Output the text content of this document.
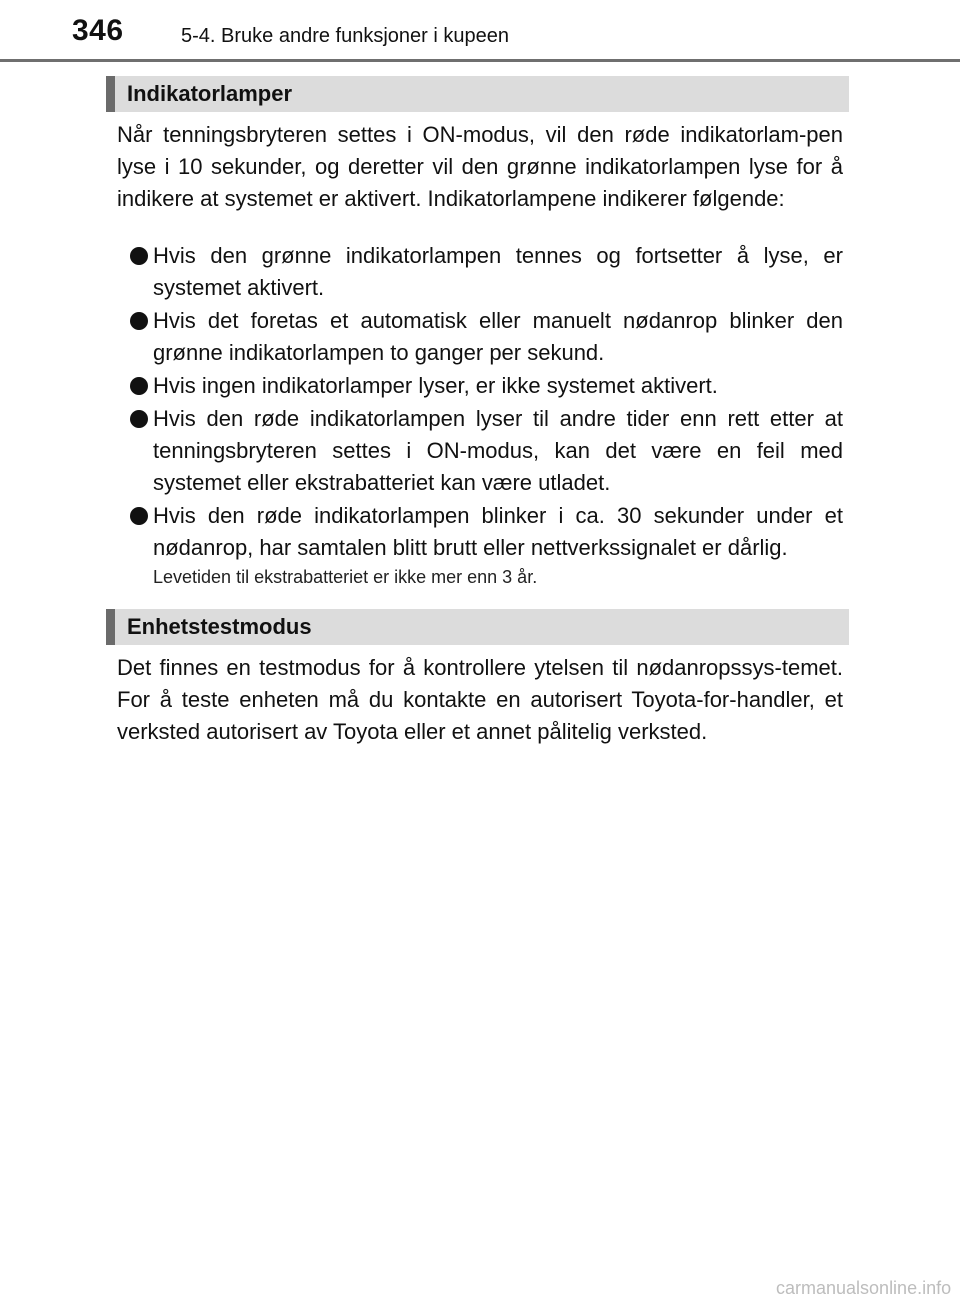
346	5-4. Bruke andre funksjoner i kupeen
Indikatorlamper

Når tenningsbryteren settes i ON-modus, vil den røde indikatorlam-pen lyse i 10 sekunder, og deretter vil den grønne indikatorlampen lyse for å indikere at systemet er aktivert. Indikatorlampene indikerer følgende:

Hvis den grønne indikatorlampen tennes og fortsetter å lyse, er systemet aktivert.
Hvis det foretas et automatisk eller manuelt nødanrop blinker den grønne indikatorlampen to ganger per sekund.
Hvis ingen indikatorlamper lyser, er ikke systemet aktivert.
Hvis den røde indikatorlampen lyser til andre tider enn rett etter at tenningsbryteren settes i ON-modus, kan det være en feil med systemet eller ekstrabatteriet kan være utladet.
Hvis den røde indikatorlampen blinker i ca. 30 sekunder under et nødanrop, har samtalen blitt brutt eller nettverkssignalet er dårlig.

Levetiden til ekstrabatteriet er ikke mer enn 3 år.

Enhetstestmodus

Det finnes en testmodus for å kontrollere ytelsen til nødanropssys-temet. For å teste enheten må du kontakte en autorisert Toyota-for-handler, et verksted autorisert av Toyota eller et annet pålitelig verksted.

carmanualsonline.info
